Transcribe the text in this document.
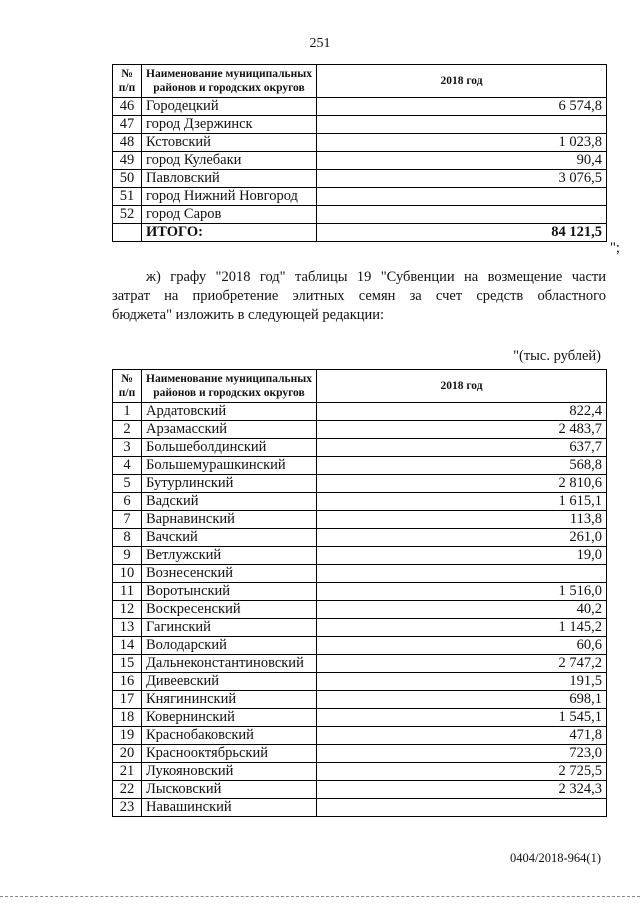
251
№ п/п	Наименование муниципальных районов и городских округов	2018 год
46	Городецкий	6 574,8
47	город Дзержинск	
48	Кстовский	1 023,8
49	город Кулебаки	90,4
50	Павловский	3 076,5
51	город Нижний Новгород	
52	город Саров	
	ИТОГО:	84 121,5
";
ж) графу "2018 год" таблицы 19 "Субвенции на возмещение части
затрат на приобретение элитных семян за счет средств областного
бюджета" изложить в следующей редакции:
"(тыс. рублей)
№ п/п	Наименование муниципальных районов и городских округов	2018 год
1	Ардатовский	822,4
2	Арзамасский	2 483,7
3	Большеболдинский	637,7
4	Большемурашкинский	568,8
5	Бутурлинский	2 810,6
6	Вадский	1 615,1
7	Варнавинский	113,8
8	Вачский	261,0
9	Ветлужский	19,0
10	Вознесенский	
11	Воротынский	1 516,0
12	Воскресенский	40,2
13	Гагинский	1 145,2
14	Володарский	60,6
15	Дальнеконстантиновский	2 747,2
16	Дивеевский	191,5
17	Княгининский	698,1
18	Ковернинский	1 545,1
19	Краснобаковский	471,8
20	Краснооктябрьский	723,0
21	Лукояновский	2 725,5
22	Лысковский	2 324,3
23	Навашинский	
0404/2018-964(1)
